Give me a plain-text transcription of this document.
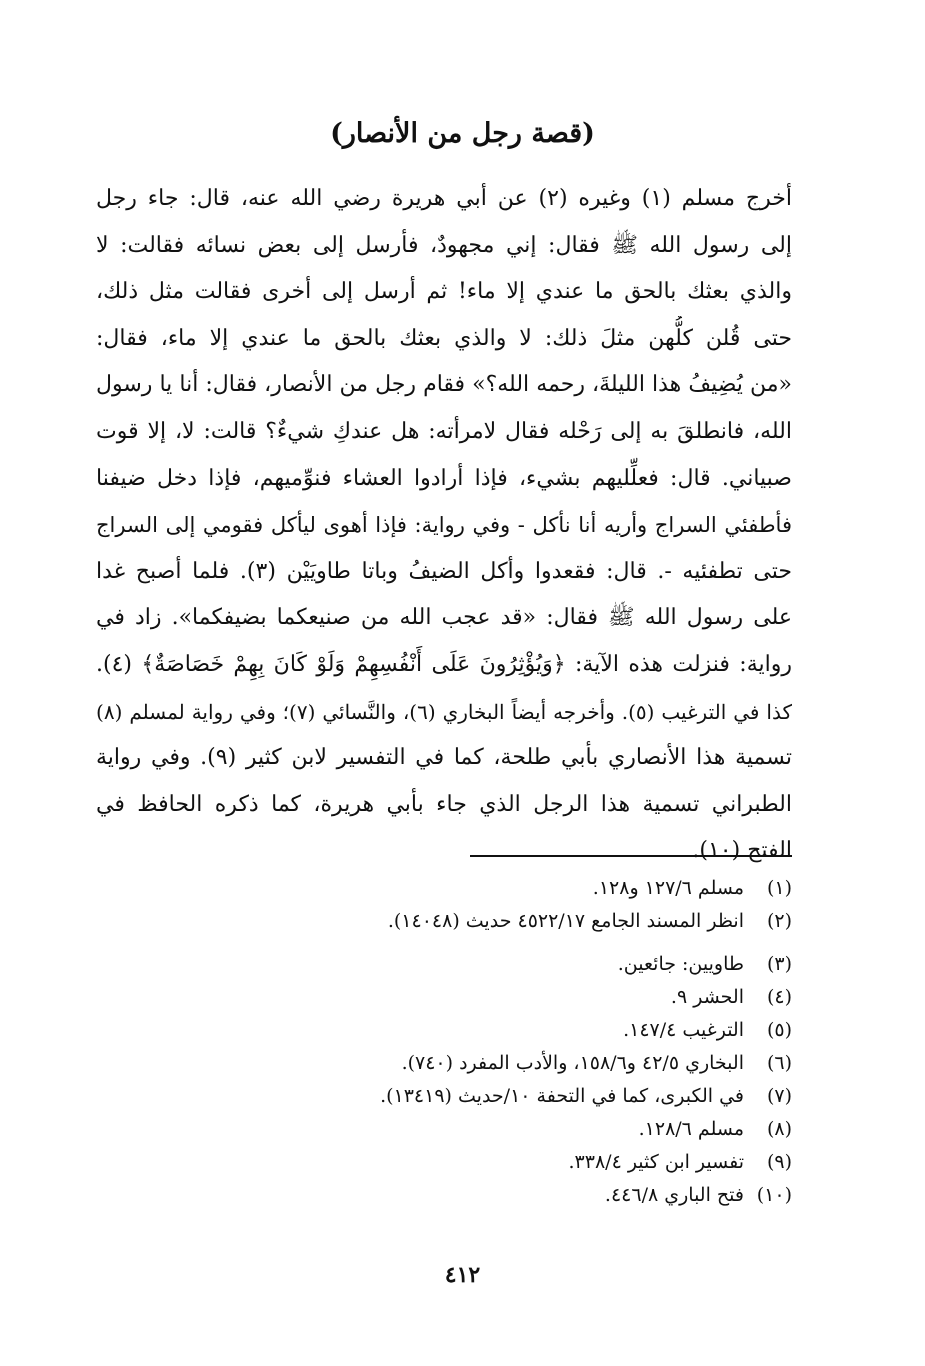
(قصة رجل من الأنصار)
أخرج مسلم (١) وغيره (٢) عن أبي هريرة رضي الله عنه، قال: جاء رجل
إلى رسول الله ﷺ فقال: إني مجهودٌ، فأرسل إلى بعض نسائه فقالت: لا
والذي بعثك بالحق ما عندي إلا ماء! ثم أرسل إلى أخرى فقالت مثل ذلك،
حتى قُلن كلُّهن مثلَ ذلك: لا والذي بعثك بالحق ما عندي إلا ماء، فقال:
«من يُضِيفُ هذا الليلةَ، رحمه الله؟» فقام رجل من الأنصار، فقال: أنا يا رسول
الله، فانطلقَ به إلى رَحْله فقال لامرأته: هل عندكِ شيءٌ؟ قالت: لا، إلا قوت
صبياني. قال: فعلِّليهم بشيء، فإذا أرادوا العشاء فنوِّميهم، فإذا دخل ضيفنا
فأطفئي السراج وأريه أنا نأكل - وفي رواية: فإذا أهوى ليأكل فقومي إلى السراج
حتى تطفئيه -. قال: فقعدوا وأكل الضيفُ وباتا طاويَيْن (٣). فلما أصبح غدا
على رسول الله ﷺ فقال: «قد عجب الله من صنيعكما بضيفكما». زاد في
رواية: فنزلت هذه الآية: ﴿وَيُؤْثِرُونَ عَلَى أَنْفُسِهِمْ وَلَوْ كَانَ بِهِمْ خَصَاصَةٌ﴾ (٤).
كذا في الترغيب (٥). وأخرجه أيضاً البخاري (٦)، والنَّسائي (٧)؛ وفي رواية لمسلم (٨)
تسمية هذا الأنصاري بأبي طلحة، كما في التفسير لابن كثير (٩). وفي رواية
الطبراني تسمية هذا الرجل الذي جاء بأبي هريرة، كما ذكره الحافظ في
الفتح (١٠).
(١)
مسلم ١٢٧/٦ و١٢٨.
(٢)
انظر المسند الجامع ٤٥٢٢/١٧ حديث (١٤٠٤٨).
(٣)
طاويين: جائعين.
(٤)
الحشر ٩.
(٥)
الترغيب ١٤٧/٤.
(٦)
البخاري ٤٢/٥ و١٥٨/٦، والأدب المفرد (٧٤٠).
(٧)
في الكبرى، كما في التحفة ١٠/حديث (١٣٤١٩).
(٨)
مسلم ١٢٨/٦.
(٩)
تفسير ابن كثير ٣٣٨/٤.
(١٠)
فتح الباري ٤٤٦/٨.
٤١٢
